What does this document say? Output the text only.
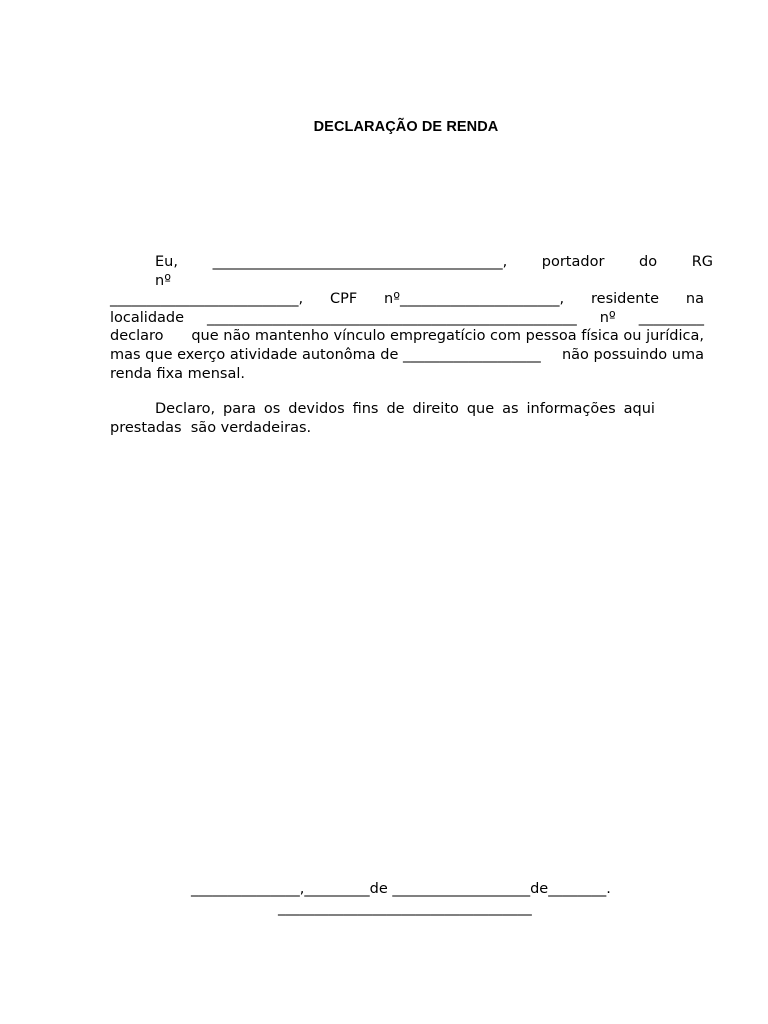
DECLARAÇÃO DE RENDA
Eu, ________________________________________, portador do RG
nº
__________________________, CPF nº______________________, residente na
localidade ___________________________________________________ nº _________
declaro que não mantenho vínculo empregatício com pessoa física ou jurídica,
mas que exerço atividade autonôma de ___________________ não possuindo uma
renda fixa mensal.
Declaro, para os devidos fins de direito que as informações aqui
prestadas  são verdadeiras.
_______________,_________de ___________________de________.
___________________________________
